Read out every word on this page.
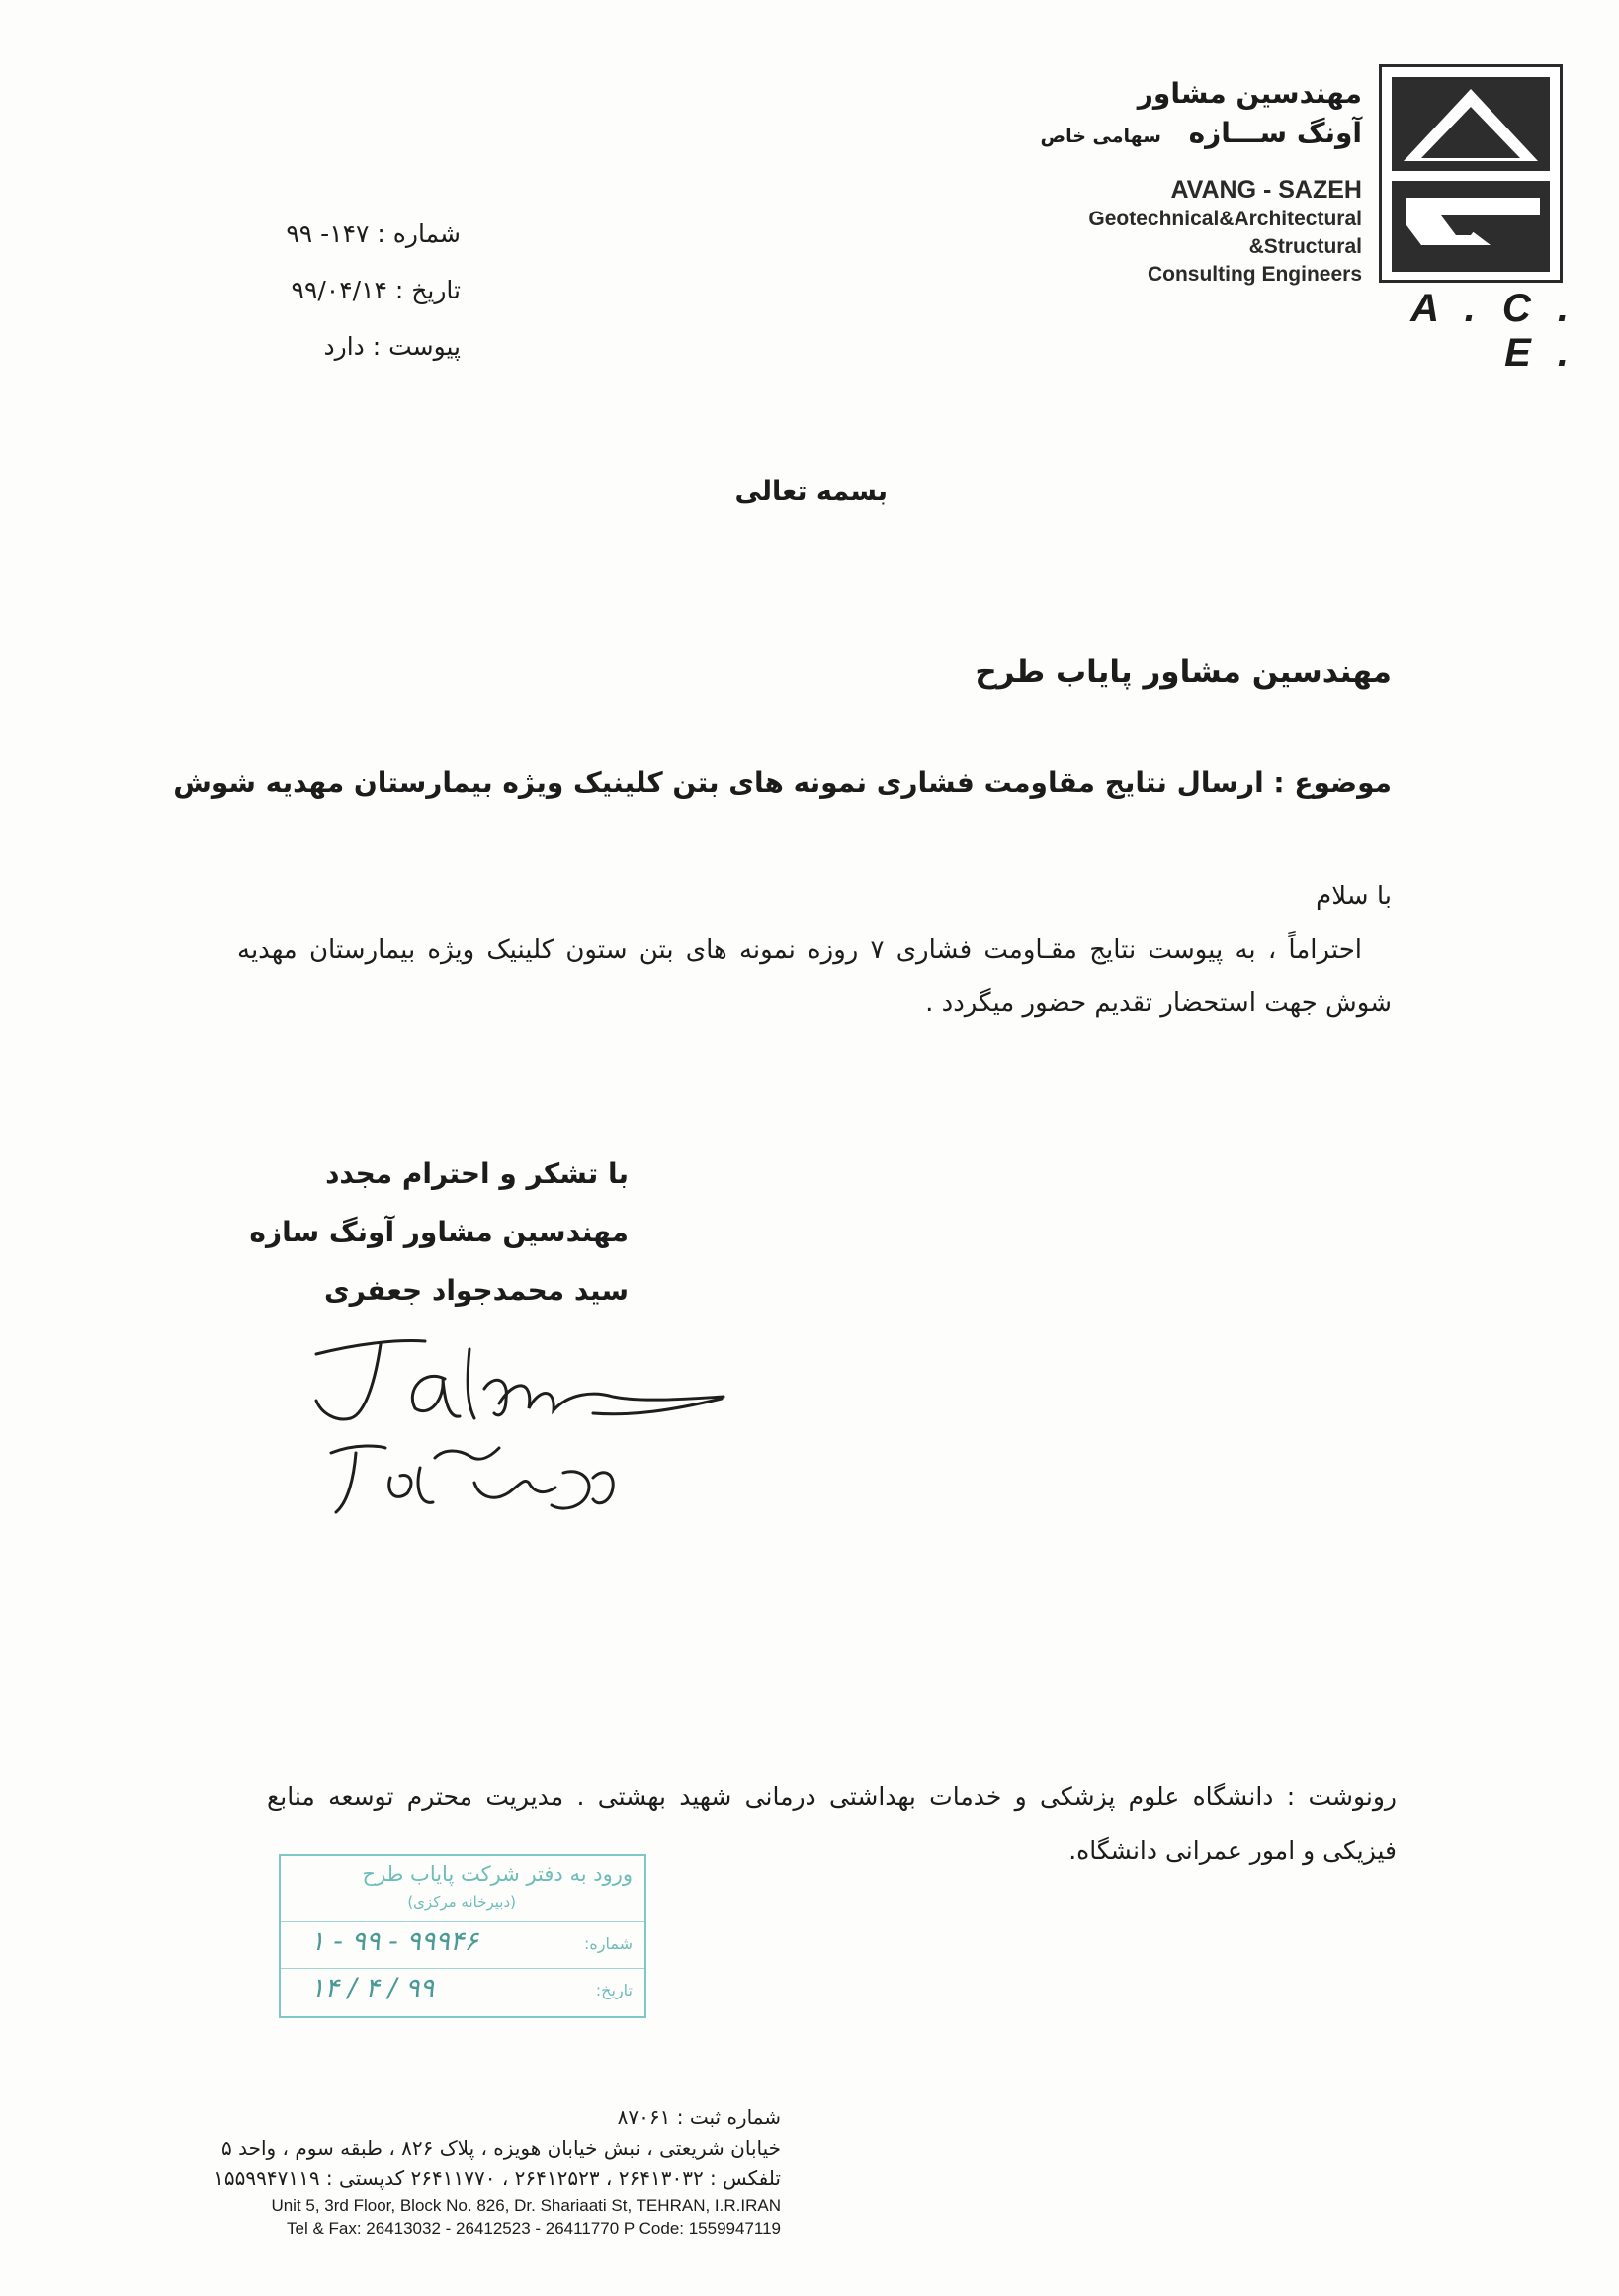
A . C . E .
مهندسین مشاور
آونگ ســـازه سهامی خاص
AVANG - SAZEH
Geotechnical&Architectural
&Structural
Consulting Engineers
شماره : ۱۴۷- ۹۹
تاریخ : ۹۹/۰۴/۱۴
پیوست : دارد
بسمه تعالی
مهندسین مشاور پایاب طرح
موضوع : ارسال نتایج مقاومت فشاری نمونه های بتن کلینیک ویژه بیمارستان مهدیه شوش

با سلام

احتراماً ، به پیوست نتایج مقـاومت فشاری ۷ روزه نمونه های بتن ستون کلینیک ویژه بیمارستان مهدیه شوش جهت استحضار تقدیم حضور میگردد .

با تشکر و احترام مجدد
مهندسین مشاور آونگ سازه
سید محمدجواد جعفری
رونوشت : دانشگاه علوم پزشکی و خدمات بهداشتی درمانی شهید بهشتی . مدیریت محترم توسعه منابع فیزیکی و امور عمرانی دانشگاه.
ورود به دفتر شرکت پایاب طرح
(دبیرخانه مرکزی)
شماره:
۹۹۹۴۶ - ۹۹ - ۱
تاریخ:
۹۹ / ۴ / ۱۴
شماره ثبت : ۸۷۰۶۱
خیابان شریعتی ، نبش خیابان هویزه ، پلاک ۸۲۶ ، طبقه سوم ، واحد ۵
تلفکس : ۲۶۴۱۳۰۳۲ ، ۲۶۴۱۲۵۲۳ ، ۲۶۴۱۱۷۷۰ کدپستی : ۱۵۵۹۹۴۷۱۱۹
Unit 5, 3rd Floor, Block No. 826, Dr. Shariaati St, TEHRAN, I.R.IRAN
Tel & Fax: 26413032 - 26412523 - 26411770 P Code: 1559947119
